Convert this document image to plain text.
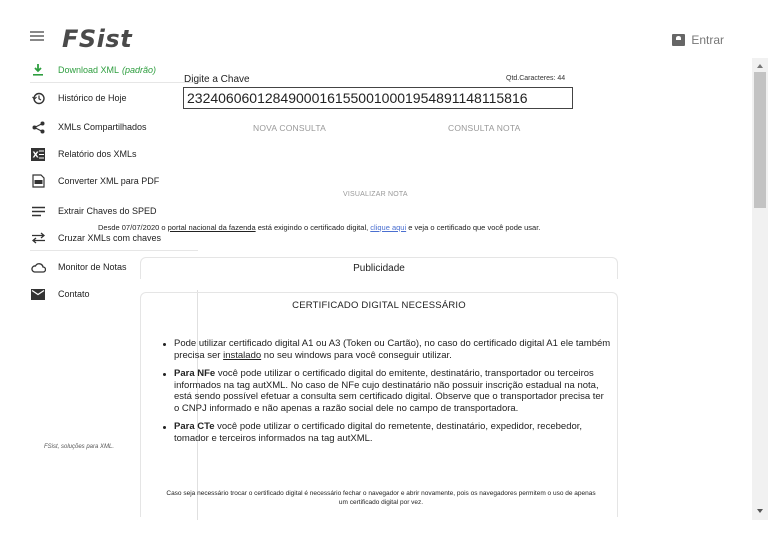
FSist	Entrar
Download XML (padrão)
Histórico de Hoje
XMLs Compartilhados
X Relatório dos XMLs
Converter XML para PDF
Extrair Chaves do SPED
Cruzar XMLs com chaves
Monitor de Notas
Contato
FSist, soluções para XML.
Digite a Chave	Qtd.Caracteres: 44
23240606012849000161550010001954891148115816
NOVA CONSULTA	CONSULTA NOTA
VISUALIZAR NOTA
Desde 07/07/2020 o portal nacional da fazenda está exigindo o certificado digital, clique aqui e veja o certificado que você pode usar.
Publicidade
CERTIFICADO DIGITAL NECESSÁRIO
Pode utilizar certificado digital A1 ou A3 (Token ou Cartão), no caso do certificado digital A1 ele também precisa ser instalado no seu windows para você conseguir utilizar.
Para NFe você pode utilizar o certificado digital do emitente, destinatário, transportador ou terceiros informados na tag autXML. No caso de NFe cujo destinatário não possuir inscrição estadual na nota, está sendo possível efetuar a consulta sem certificado digital. Observe que o transportador precisa ter o CNPJ informado e não apenas a razão social dele no campo de transportadora.
Para CTe você pode utilizar o certificado digital do remetente, destinatário, expedidor, recebedor, tomador e terceiros informados na tag autXML.
Caso seja necessário trocar o certificado digital é necessário fechar o navegador e abrir novamente, pois os navegadores permitem o uso de apenas um certificado digital por vez.
